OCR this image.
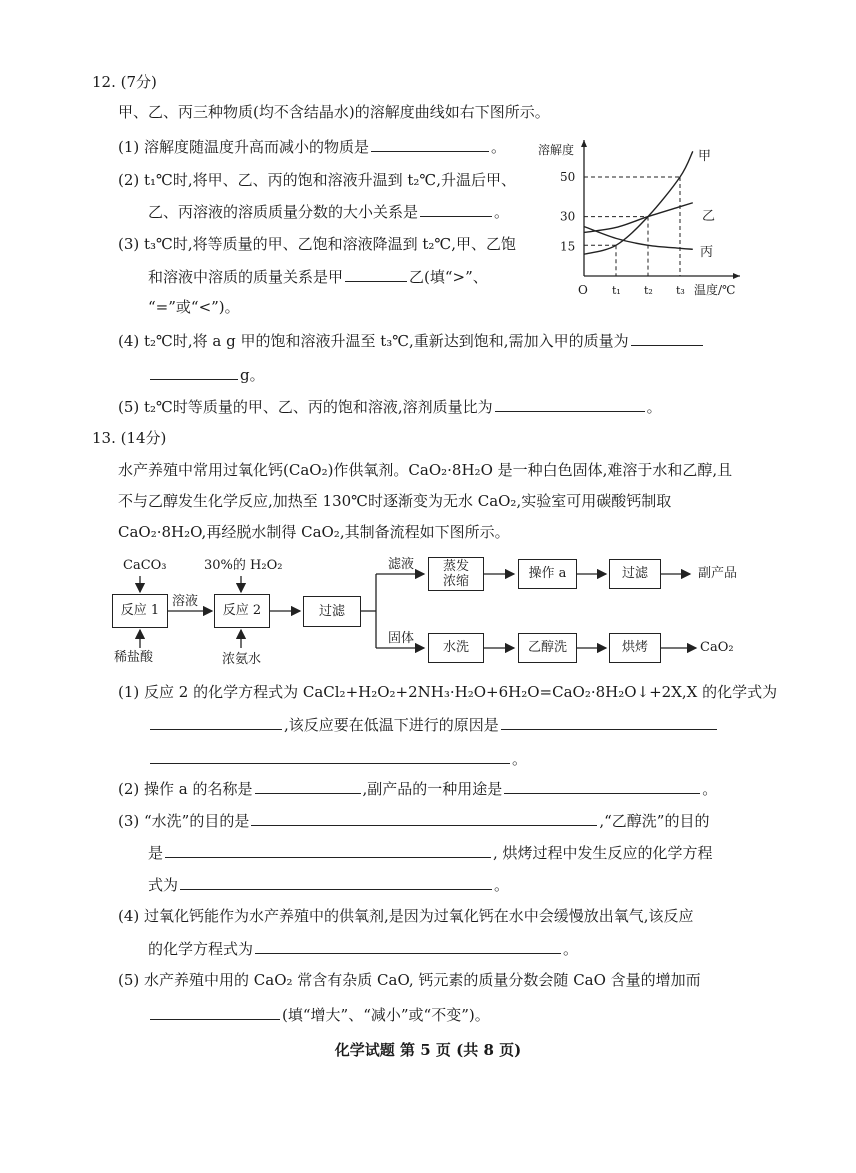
12. (7分)
甲、乙、丙三种物质(均不含结晶水)的溶解度曲线如右下图所示。
(1) 溶解度随温度升高而减小的物质是	。
(2) t₁℃时,将甲、乙、丙的饱和溶液升温到 t₂℃,升温后甲、
乙、丙溶液的溶质质量分数的大小关系是	。
(3) t₃℃时,将等质量的甲、乙饱和溶液降温到 t₂℃,甲、乙饱
和溶液中溶质的质量关系是甲	乙(填“>”、
“=”或“<”)。
(4) t₂℃时,将 a g 甲的饱和溶液升温至 t₃℃,重新达到饱和,需加入甲的质量为
g。
(5) t₂℃时等质量的甲、乙、丙的饱和溶液,溶剂质量比为	。
溶解度
O	温度/℃
t₁ t₂ t₃
15
30
50
甲
乙
丙
13. (14分)
水产养殖中常用过氧化钙(CaO₂)作供氧剂。CaO₂·8H₂O 是一种白色固体,难溶于水和乙醇,且
不与乙醇发生化学反应,加热至 130℃时逐渐变为无水 CaO₂,实验室可用碳酸钙制取
CaO₂·8H₂O,再经脱水制得 CaO₂,其制备流程如下图所示。
CaCO₃	30%的 H₂O₂
反应 1	反应 2
稀盐酸	浓氨水
溶液
过滤
滤液
固体
蒸发
浓缩
操作 a	过滤	副产品
水洗	乙醇洗	烘烤	CaO₂
(1) 反应 2 的化学方程式为 CaCl₂+H₂O₂+2NH₃·H₂O+6H₂O=CaO₂·8H₂O↓+2X,X 的化学式为
,该反应要在低温下进行的原因是
。
(2) 操作 a 的名称是	,副产品的一种用途是	。
(3) “水洗”的目的是	,“乙醇洗”的目的
是	, 烘烤过程中发生反应的化学方程
式为	。
(4) 过氧化钙能作为水产养殖中的供氧剂,是因为过氧化钙在水中会缓慢放出氧气,该反应
的化学方程式为	。
(5) 水产养殖中用的 CaO₂ 常含有杂质 CaO, 钙元素的质量分数会随 CaO 含量的增加而
(填“增大”、“减小”或“不变”)。
化学试题 第 5 页 (共 8 页)
